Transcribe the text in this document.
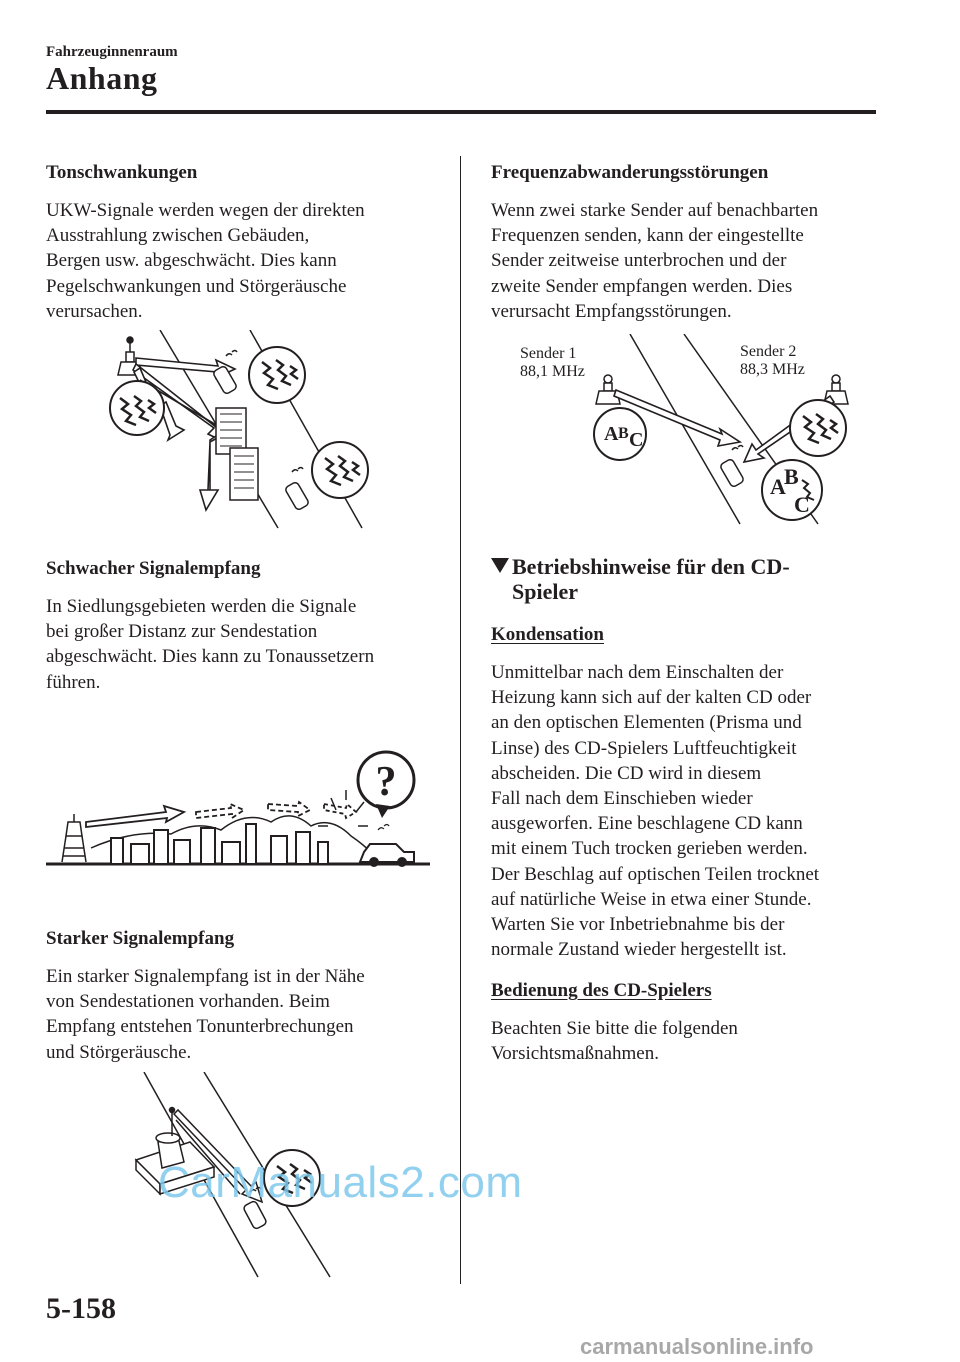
Fahrzeuginnenraum
Anhang
Tonschwankungen

UKW-Signale werden wegen der direkten
Ausstrahlung zwischen Gebäuden,
Bergen usw. abgeschwächt. Dies kann
Pegelschwankungen und Störgeräusche
verursachen.

Schwacher Signalempfang

In Siedlungsgebieten werden die Signale
bei großer Distanz zur Sendestation
abgeschwächt. Dies kann zu Tonaussetzern
führen.

?
Starker Signalempfang

Ein starker Signalempfang ist in der Nähe
von Sendestationen vorhanden. Beim
Empfang entstehen Tonunterbrechungen
und Störgeräusche.

CarManuals2.com
Frequenzabwanderungsstörungen

Wenn zwei starke Sender auf benachbarten
Frequenzen senden, kann der eingestellte
Sender zeitweise unterbrochen und der
zweite Sender empfangen werden. Dies
verursacht Empfangsstörungen.

Sender 1
88,1 MHz
Sender 2
88,3 MHz
A B C
A
B
C
Betriebshinweise für den CD-
Spieler
Kondensation

Unmittelbar nach dem Einschalten der
Heizung kann sich auf der kalten CD oder
an den optischen Elementen (Prisma und
Linse) des CD-Spielers Luftfeuchtigkeit
abscheiden. Die CD wird in diesem
Fall nach dem Einschieben wieder
ausgeworfen. Eine beschlagene CD kann
mit einem Tuch trocken gerieben werden.
Der Beschlag auf optischen Teilen trocknet
auf natürliche Weise in etwa einer Stunde.
Warten Sie vor Inbetriebnahme bis der
normale Zustand wieder hergestellt ist.

Bedienung des CD-Spielers

Beachten Sie bitte die folgenden
Vorsichtsmaßnahmen.

5-158
carmanualsonline.info
